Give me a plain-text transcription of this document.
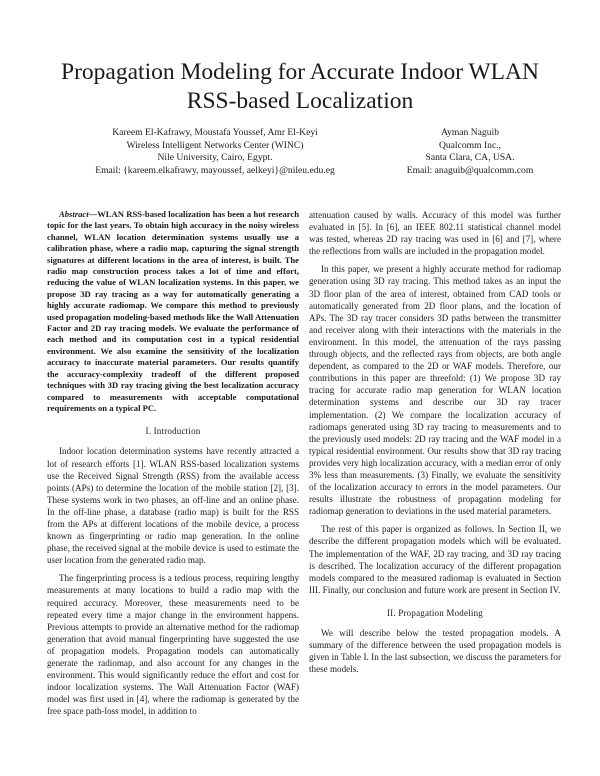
Propagation Modeling for Accurate Indoor WLAN RSS-based Localization
Kareem El-Kafrawy, Moustafa Youssef, Amr El-Keyi
Wireless Intelligent Networks Center (WINC)
Nile University, Cairo, Egypt.
Email: {kareem.elkafrawy, mayoussef, aelkeyi}@nileu.edu.eg
Ayman Naguib
Qualcomm Inc.,
Santa Clara, CA, USA.
Email: anaguib@qualcomm.com

Abstract—WLAN RSS-based localization has been a hot research topic for the last years. To obtain high accuracy in the noisy wireless channel, WLAN location determination systems usually use a calibration phase, where a radio map, capturing the signal strength signatures at different locations in the area of interest, is built. The radio map construction process takes a lot of time and effort, reducing the value of WLAN localization systems. In this paper, we propose 3D ray tracing as a way for automatically generating a highly accurate radiomap. We compare this method to previously used propagation modeling-based methods like the Wall Attenuation Factor and 2D ray tracing models. We evaluate the performance of each method and its computation cost in a typical residential environment. We also examine the sensitivity of the localization accuracy to inaccurate material parameters. Our results quantify the accuracy-complexity tradeoff of the different proposed techniques with 3D ray tracing giving the best localization accuracy compared to measurements with acceptable computational requirements on a typical PC.

I. Introduction

Indoor location determination systems have recently attracted a lot of research efforts [1]. WLAN RSS-based localization systems use the Received Signal Strength (RSS) from the available access points (APs) to determine the location of the mobile station [2], [3]. These systems work in two phases, an off-line and an online phase. In the off-line phase, a database (radio map) is built for the RSS from the APs at different locations of the mobile device, a process known as fingerprinting or radio map generation. In the online phase, the received signal at the mobile device is used to estimate the user location from the generated radio map.

The fingerprinting process is a tedious process, requiring lengthy measurements at many locations to build a radio map with the required accuracy. Moreover, these measurements need to be repeated every time a major change in the environment happens. Previous attempts to provide an alternative method for the radiomap generation that avoid manual fingerprinting have suggested the use of propagation models. Propagation models can automatically generate the radiomap, and also account for any changes in the environment. This would significantly reduce the effort and cost for indoor localization systems. The Wall Attenuation Factor (WAF) model was first used in [4], where the radiomap is generated by the free space path-loss model, in addition to

attenuation caused by walls. Accuracy of this model was further evaluated in [5]. In [6], an IEEE 802.11 statistical channel model was tested, whereas 2D ray tracing was used in [6] and [7], where the reflections from walls are included in the propagation model.

In this paper, we present a highly accurate method for radiomap generation using 3D ray tracing. This method takes as an input the 3D floor plan of the area of interest, obtained from CAD tools or automatically generated from 2D floor plans, and the location of APs. The 3D ray tracer considers 3D paths between the transmitter and receiver along with their interactions with the materials in the environment. In this model, the attenuation of the rays passing through objects, and the reflected rays from objects, are both angle dependent, as compared to the 2D or WAF models. Therefore, our contributions in this paper are threefold: (1) We propose 3D ray tracing for accurate radio map generation for WLAN location determination systems and describe our 3D ray tracer implementation. (2) We compare the localization accuracy of radiomaps generated using 3D ray tracing to measurements and to the previously used models: 2D ray tracing and the WAF model in a typical residential environment. Our results show that 3D ray tracing provides very high localization accuracy, with a median error of only 3% less than measurements. (3) Finally, we evaluate the sensitivity of the localization accuracy to errors in the model parameters. Our results illustrate the robustness of propagation modeling for radiomap generation to deviations in the used material parameters.

The rest of this paper is organized as follows. In Section II, we describe the different propagation models which will be evaluated. The implementation of the WAF, 2D ray tracing, and 3D ray tracing is described. The localization accuracy of the different propagation models compared to the measured radiomap is evaluated in Section III. Finally, our conclusion and future work are present in Section IV.

II. Propagation Modeling

We will describe below the tested propagation models. A summary of the difference between the used propagation models is given in Table I. In the last subsection, we discuss the parameters for these models.
